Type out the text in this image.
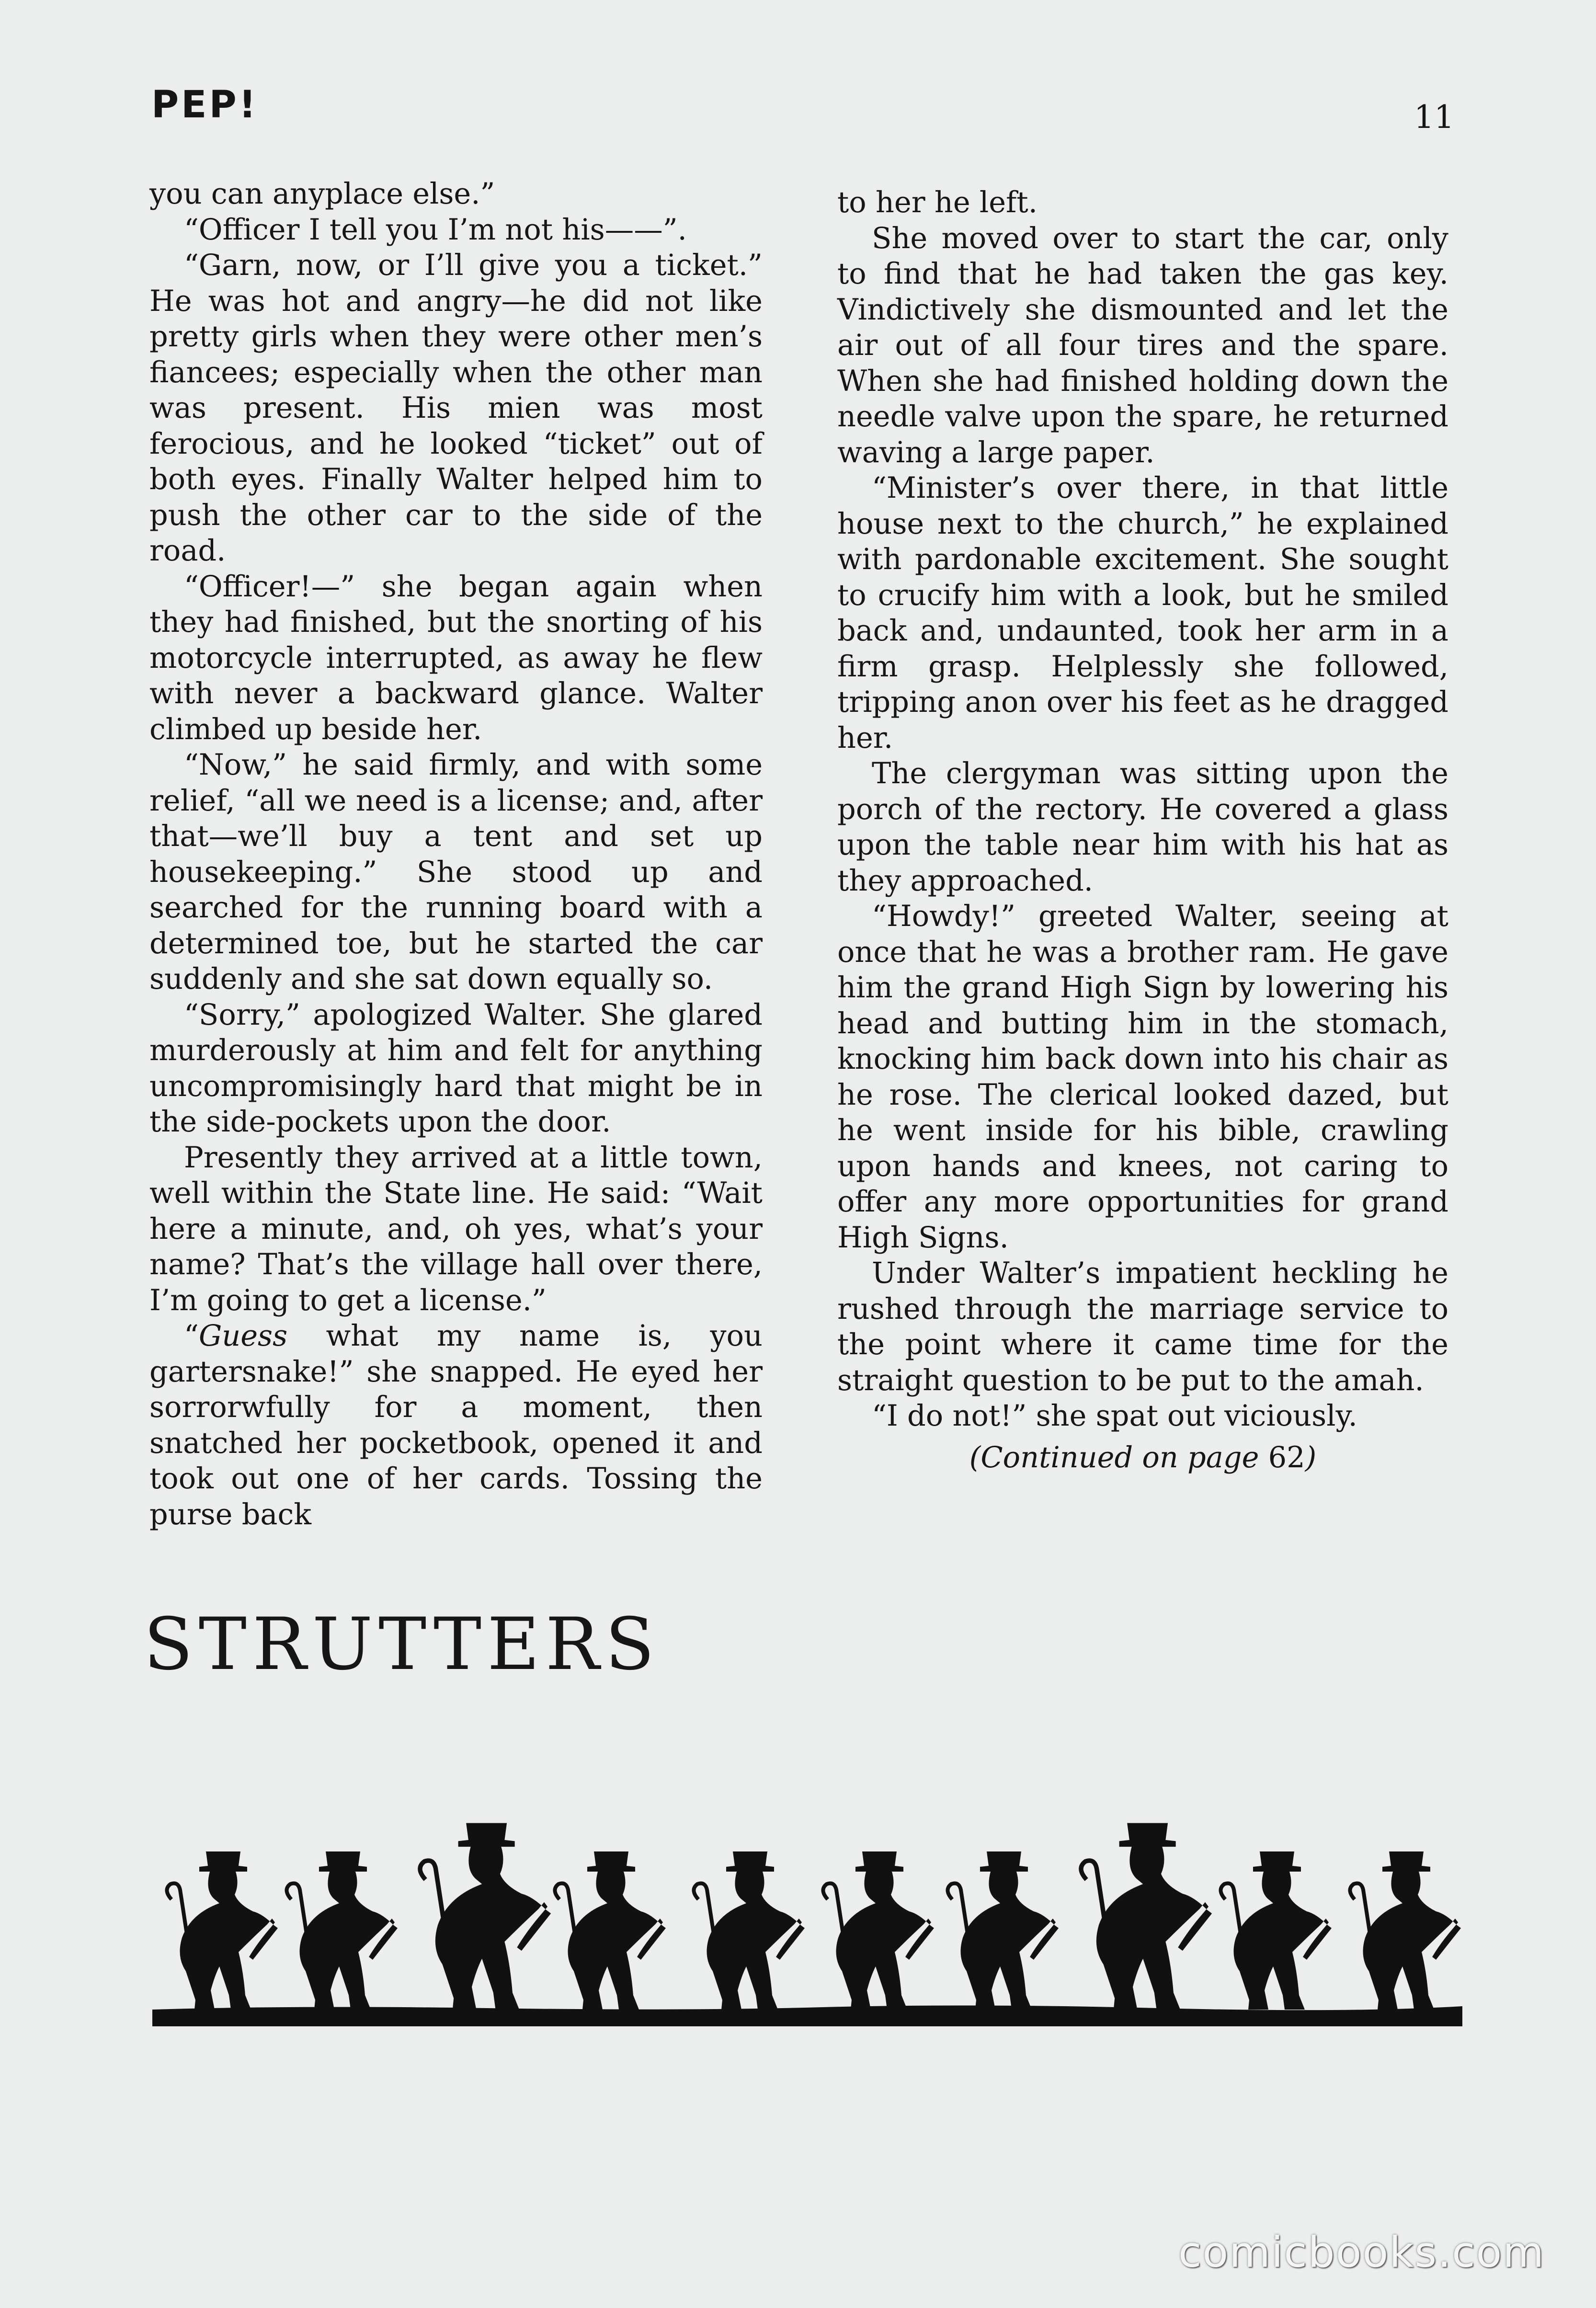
PEP!	11

you can anyplace else.”

“Officer I tell you I’m not his——”.

“Garn, now, or I’ll give you a ticket.” He was hot and angry—he did not like pretty girls when they were other men’s fiancees; especially when the other man was present. His mien was most ferocious, and he looked “ticket” out of both eyes. Finally Walter helped him to push the other car to the side of the road.

“Officer!—” she began again when they had finished, but the snorting of his motorcycle interrupted, as away he flew with never a backward glance. Walter climbed up beside her.

“Now,” he said firmly, and with some relief, “all we need is a license; and, after that—we’ll buy a tent and set up housekeeping.” She stood up and searched for the running board with a determined toe, but he started the car suddenly and she sat down equally so.

“Sorry,” apologized Walter. She glared murderously at him and felt for anything uncompromisingly hard that might be in the side-pockets upon the door.

Presently they arrived at a little town, well within the State line. He said: “Wait here a minute, and, oh yes, what’s your name? That’s the village hall over there, I’m going to get a license.”

“Guess what my name is, you gartersnake!” she snapped. He eyed her sorrorwfully for a moment, then snatched her pocketbook, opened it and took out one of her cards. Tossing the purse back

to her he left.

She moved over to start the car, only to find that he had taken the gas key. Vindictively she dismounted and let the air out of all four tires and the spare. When she had finished holding down the needle valve upon the spare, he returned waving a large paper.

“Minister’s over there, in that little house next to the church,” he explained with pardonable excitement. She sought to crucify him with a look, but he smiled back and, undaunted, took her arm in a firm grasp. Helplessly she followed, tripping anon over his feet as he dragged her.

The clergyman was sitting upon the porch of the rectory. He covered a glass upon the table near him with his hat as they approached.

“Howdy!” greeted Walter, seeing at once that he was a brother ram. He gave him the grand High Sign by lowering his head and butting him in the stomach, knocking him back down into his chair as he rose. The clerical looked dazed, but he went inside for his bible, crawling upon hands and knees, not caring to offer any more opportunities for grand High Signs.

Under Walter’s impatient heckling he rushed through the marriage service to the point where it came time for the straight question to be put to the amah.

“I do not!” she spat out viciously.

(Continued on page 62)

STRUTTERS
comicbooks.com
